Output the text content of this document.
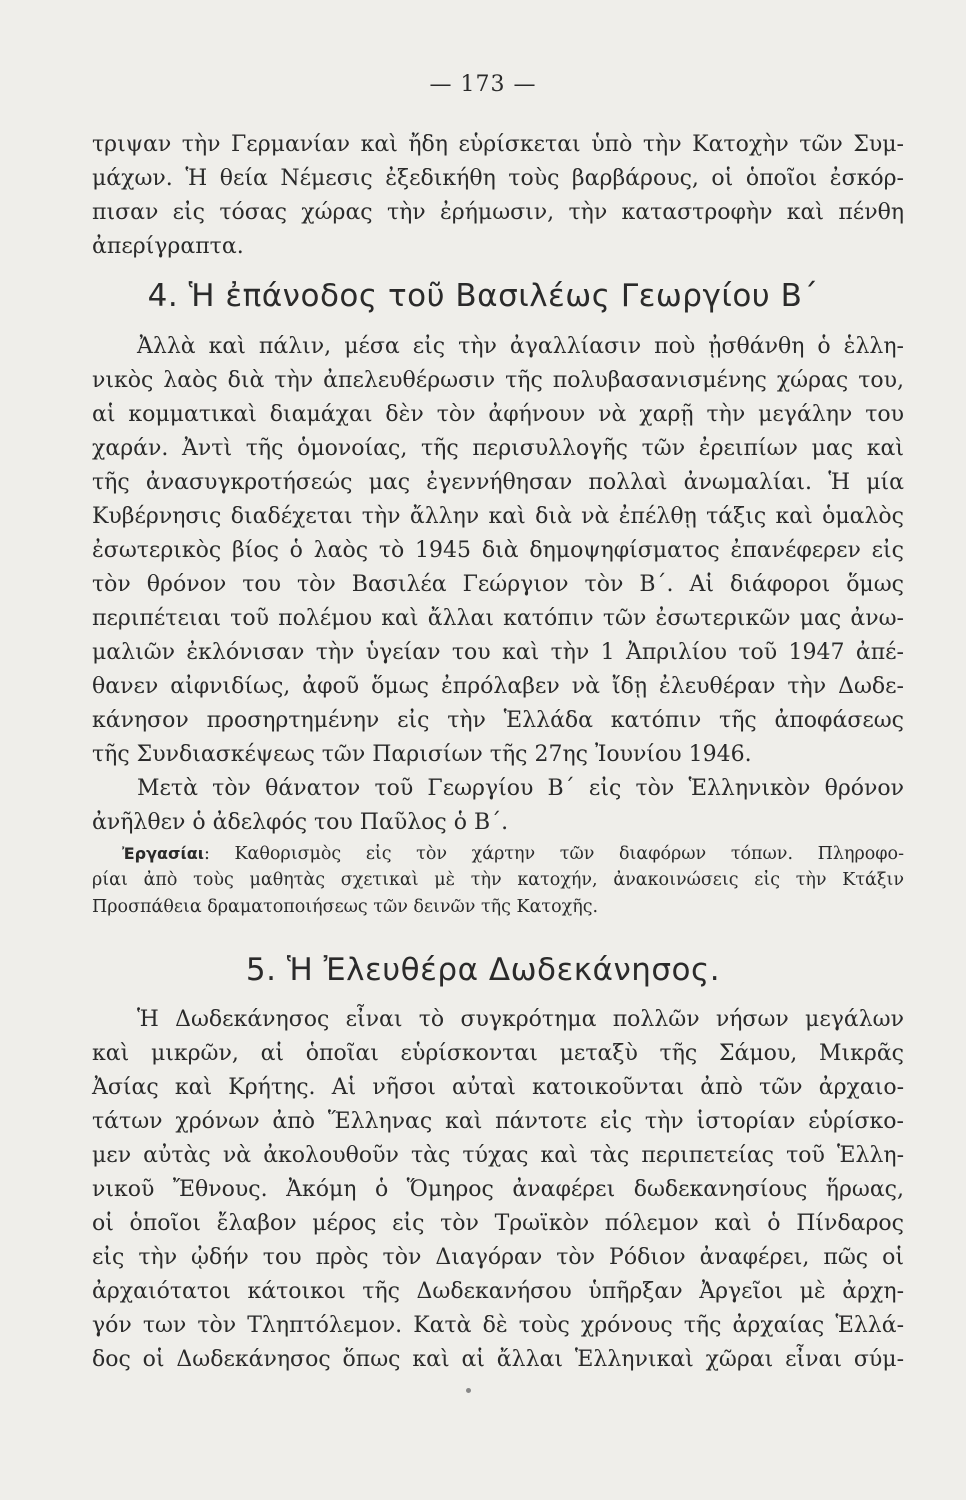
— 173 —
τριψαν τὴν Γερμανίαν καὶ ἤδη εὑρίσκεται ὑπὸ τὴν Κατοχὴν τῶν Συμ-
μάχων. Ἡ θεία Νέμεσις ἐξεδικήθη τοὺς βαρβάρους, οἱ ὁποῖοι ἐσκόρ-
πισαν εἰς τόσας χώρας τὴν ἐρήμωσιν, τὴν καταστροφὴν καὶ πένθη
ἀπερίγραπτα.
4. Ἡ ἐπάνοδος τοῦ Βασιλέως Γεωργίου Β΄
Ἀλλὰ καὶ πάλιν, μέσα εἰς τὴν ἀγαλλίασιν ποὺ ᾐσθάνθη ὁ ἑλλη-
νικὸς λαὸς διὰ τὴν ἀπελευθέρωσιν τῆς πολυβασανισμένης χώρας του,
αἱ κομματικαὶ διαμάχαι δὲν τὸν ἀφήνουν νὰ χαρῇ τὴν μεγάλην του
χαράν. Ἀντὶ τῆς ὁμονοίας, τῆς περισυλλογῆς τῶν ἐρειπίων μας καὶ
τῆς ἀνασυγκροτήσεώς μας ἐγεννήθησαν πολλαὶ ἀνωμαλίαι. Ἡ μία
Κυβέρνησις διαδέχεται τὴν ἄλλην καὶ διὰ νὰ ἐπέλθῃ τάξις καὶ ὁμαλὸς
ἐσωτερικὸς βίος ὁ λαὸς τὸ 1945 διὰ δημοψηφίσματος ἐπανέφερεν εἰς
τὸν θρόνον του τὸν Βασιλέα Γεώργιον τὸν Β΄. Αἱ διάφοροι ὅμως
περιπέτειαι τοῦ πολέμου καὶ ἄλλαι κατόπιν τῶν ἐσωτερικῶν μας ἀνω-
μαλιῶν ἐκλόνισαν τὴν ὑγείαν του καὶ τὴν 1 Ἀπριλίου τοῦ 1947 ἀπέ-
θανεν αἰφνιδίως, ἀφοῦ ὅμως ἐπρόλαβεν νὰ ἴδῃ ἐλευθέραν τὴν Δωδε-
κάνησον προσηρτημένην εἰς τὴν Ἑλλάδα κατόπιν τῆς ἀποφάσεως
τῆς Συνδιασκέψεως τῶν Παρισίων τῆς 27ης Ἰουνίου 1946.
Μετὰ τὸν θάνατον τοῦ Γεωργίου Β΄ εἰς τὸν Ἑλληνικὸν θρόνον
ἀνῆλθεν ὁ ἀδελφός του Παῦλος ὁ Β΄.
Ἐργασίαι: Καθορισμὸς εἰς τὸν χάρτην τῶν διαφόρων τόπων. Πληροφο-
ρίαι ἀπὸ τοὺς μαθητὰς σχετικαὶ μὲ τὴν κατοχήν, ἀνακοινώσεις εἰς τὴν Κτάξιν
Προσπάθεια δραματοποιήσεως τῶν δεινῶν τῆς Κατοχῆς.
5. Ἡ Ἐλευθέρα Δωδεκάνησος.
Ἡ Δωδεκάνησος εἶναι τὸ συγκρότημα πολλῶν νήσων μεγάλων
καὶ μικρῶν, αἱ ὁποῖαι εὑρίσκονται μεταξὺ τῆς Σάμου, Μικρᾶς
Ἀσίας καὶ Κρήτης. Αἱ νῆσοι αὐταὶ κατοικοῦνται ἀπὸ τῶν ἀρχαιο-
τάτων χρόνων ἀπὸ Ἕλληνας καὶ πάντοτε εἰς τὴν ἱστορίαν εὑρίσκο-
μεν αὐτὰς νὰ ἀκολουθοῦν τὰς τύχας καὶ τὰς περιπετείας τοῦ Ἑλλη-
νικοῦ Ἔθνους. Ἀκόμη ὁ Ὅμηρος ἀναφέρει δωδεκανησίους ἥρωας,
οἱ ὁποῖοι ἔλαβον μέρος εἰς τὸν Τρωϊκὸν πόλεμον καὶ ὁ Πίνδαρος
εἰς τὴν ᾠδήν του πρὸς τὸν Διαγόραν τὸν Ρόδιον ἀναφέρει, πῶς οἱ
ἀρχαιότατοι κάτοικοι τῆς Δωδεκανήσου ὑπῆρξαν Ἀργεῖοι μὲ ἀρχη-
γόν των τὸν Τληπτόλεμον. Κατὰ δὲ τοὺς χρόνους τῆς ἀρχαίας Ἑλλά-
δος οἱ Δωδεκάνησος ὅπως καὶ αἱ ἄλλαι Ἑλληνικαὶ χῶραι εἶναι σύμ-
